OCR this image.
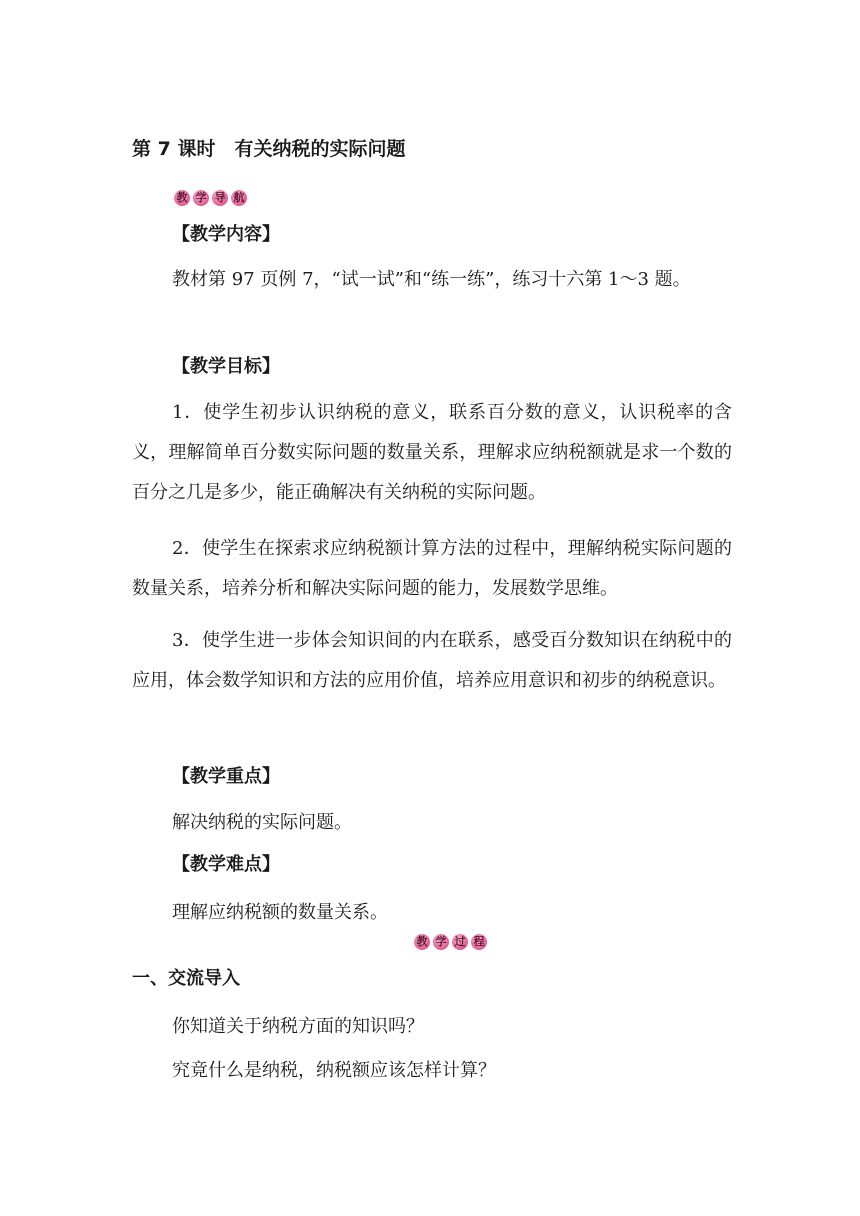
第 7 课时　有关纳税的实际问题
教 学 导 航
【教学内容】
教材第 97 页例 7，“试一试”和“练一练”，练习十六第 1～3 题。
【教学目标】
1．使学生初步认识纳税的意义，联系百分数的意义，认识税率的含义，理解简单百分数实际问题的数量关系，理解求应纳税额就是求一个数的百分之几是多少，能正确解决有关纳税的实际问题。
2．使学生在探索求应纳税额计算方法的过程中，理解纳税实际问题的数量关系，培养分析和解决实际问题的能力，发展数学思维。
3．使学生进一步体会知识间的内在联系，感受百分数知识在纳税中的应用，体会数学知识和方法的应用价值，培养应用意识和初步的纳税意识。
【教学重点】
解决纳税的实际问题。
【教学难点】
理解应纳税额的数量关系。
教 学 过 程
一、交流导入
你知道关于纳税方面的知识吗？
究竟什么是纳税，纳税额应该怎样计算？
